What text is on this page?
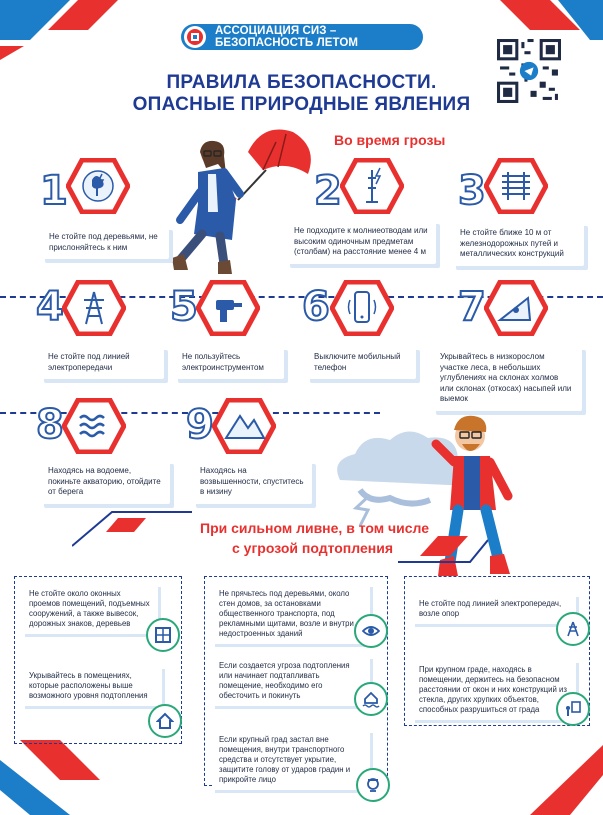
АССОЦИАЦИЯ СИЗ – БЕЗОПАСНОСТЬ ЛЕТОМ
ПРАВИЛА БЕЗОПАСНОСТИ.
ОПАСНЫЕ ПРИРОДНЫЕ ЯВЛЕНИЯ
Во время грозы
1
Не стойте под деревьями, не прислоняйтесь к ним
2
Не подходите к молниеотводам или высоким одиночным предметам (столбам) на расстояние менее 4 м
3
Не стойте ближе 10 м от железнодорожных путей и металлических конструкций
4
Не стойте под линией электропередачи
5
Не пользуйтесь электроинструментом
6
Выключите мобильный телефон
7
Укрывайтесь в низкорослом участке леса, в небольших углублениях на склонах холмов или склонах (откосах) насыпей или выемок
8
Находясь на водоеме, покиньте акваторию, отойдите от берега
9
Находясь на возвышенности, спуститесь в низину
При сильном ливне, в том числе
с угрозой подтопления
Не стойте около оконных проемов помещений, подъемных сооружений, а также вывесок, дорожных знаков, деревьев
Укрывайтесь в помещениях, которые расположены выше возможного уровня подтопления
Не прячьтесь под деревьями, около стен домов, за остановками общественного транспорта, под рекламными щитами, возле и внутри недостроенных зданий
Если создается угроза подтопления или начинает подтапливать помещение, необходимо его обесточить и покинуть
Если крупный град застал вне помещения, внутри транспортного средства и отсутствует укрытие, защитите голову от ударов градин и прикройте лицо
Не стойте под линией электропередач, возле опор
При крупном граде, находясь в помещении, держитесь на безопасном расстоянии от окон и них конструкций из стекла, других хрупких объектов, способных разрушиться от града
